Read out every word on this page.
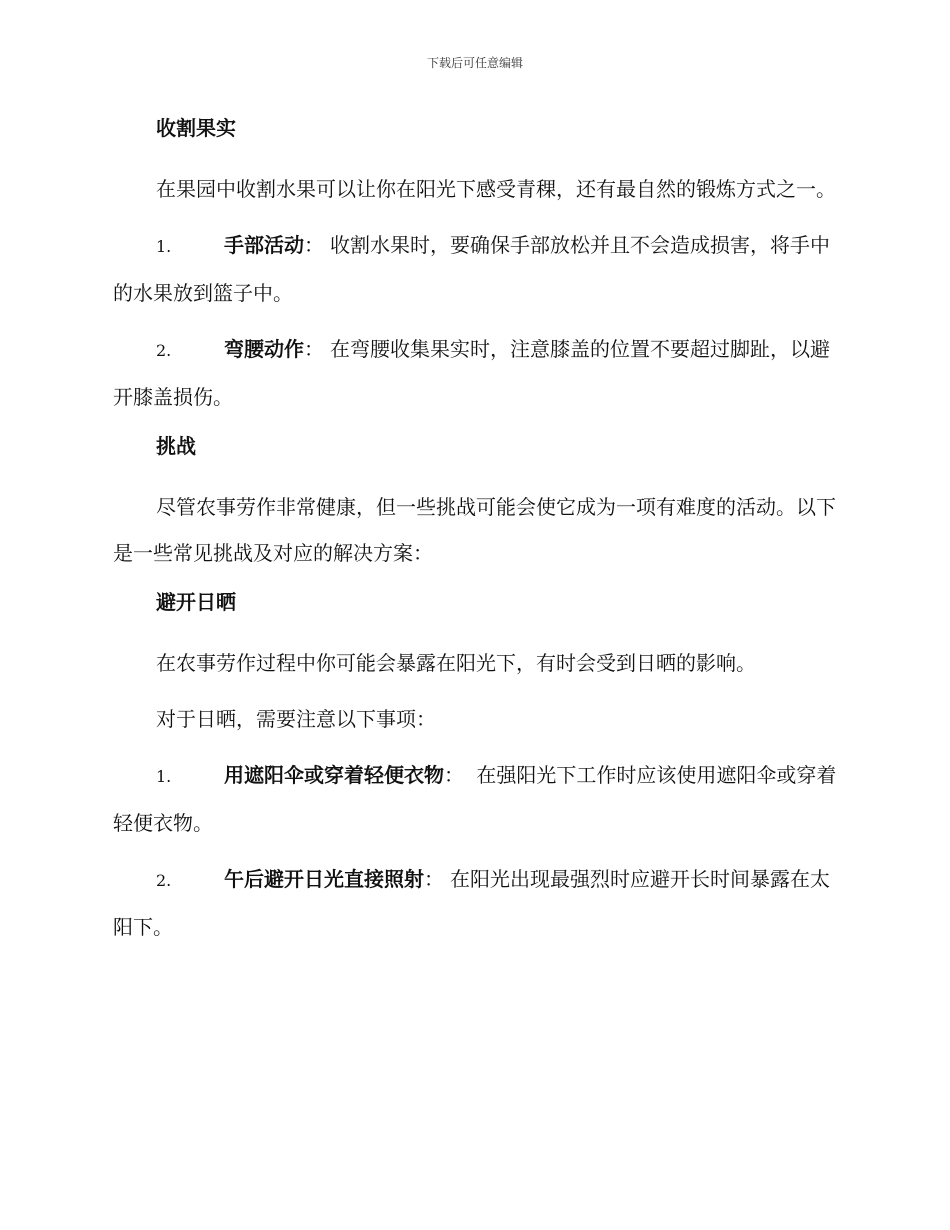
下载后可任意编辑
收割果实
在果园中收割水果可以让你在阳光下感受青稞，还有最自然的锻炼方式之一。
1.	手部活动： 收割水果时，要确保手部放松并且不会造成损害，将手中的水果放到篮子中。
2.	弯腰动作： 在弯腰收集果实时，注意膝盖的位置不要超过脚趾，以避开膝盖损伤。
挑战
尽管农事劳作非常健康，但一些挑战可能会使它成为一项有难度的活动。以下是一些常见挑战及对应的解决方案：
避开日晒
在农事劳作过程中你可能会暴露在阳光下，有时会受到日晒的影响。
对于日晒，需要注意以下事项：
1.	用遮阳伞或穿着轻便衣物： 在强阳光下工作时应该使用遮阳伞或穿着轻便衣物。
2.	午后避开日光直接照射： 在阳光出现最强烈时应避开长时间暴露在太阳下。
